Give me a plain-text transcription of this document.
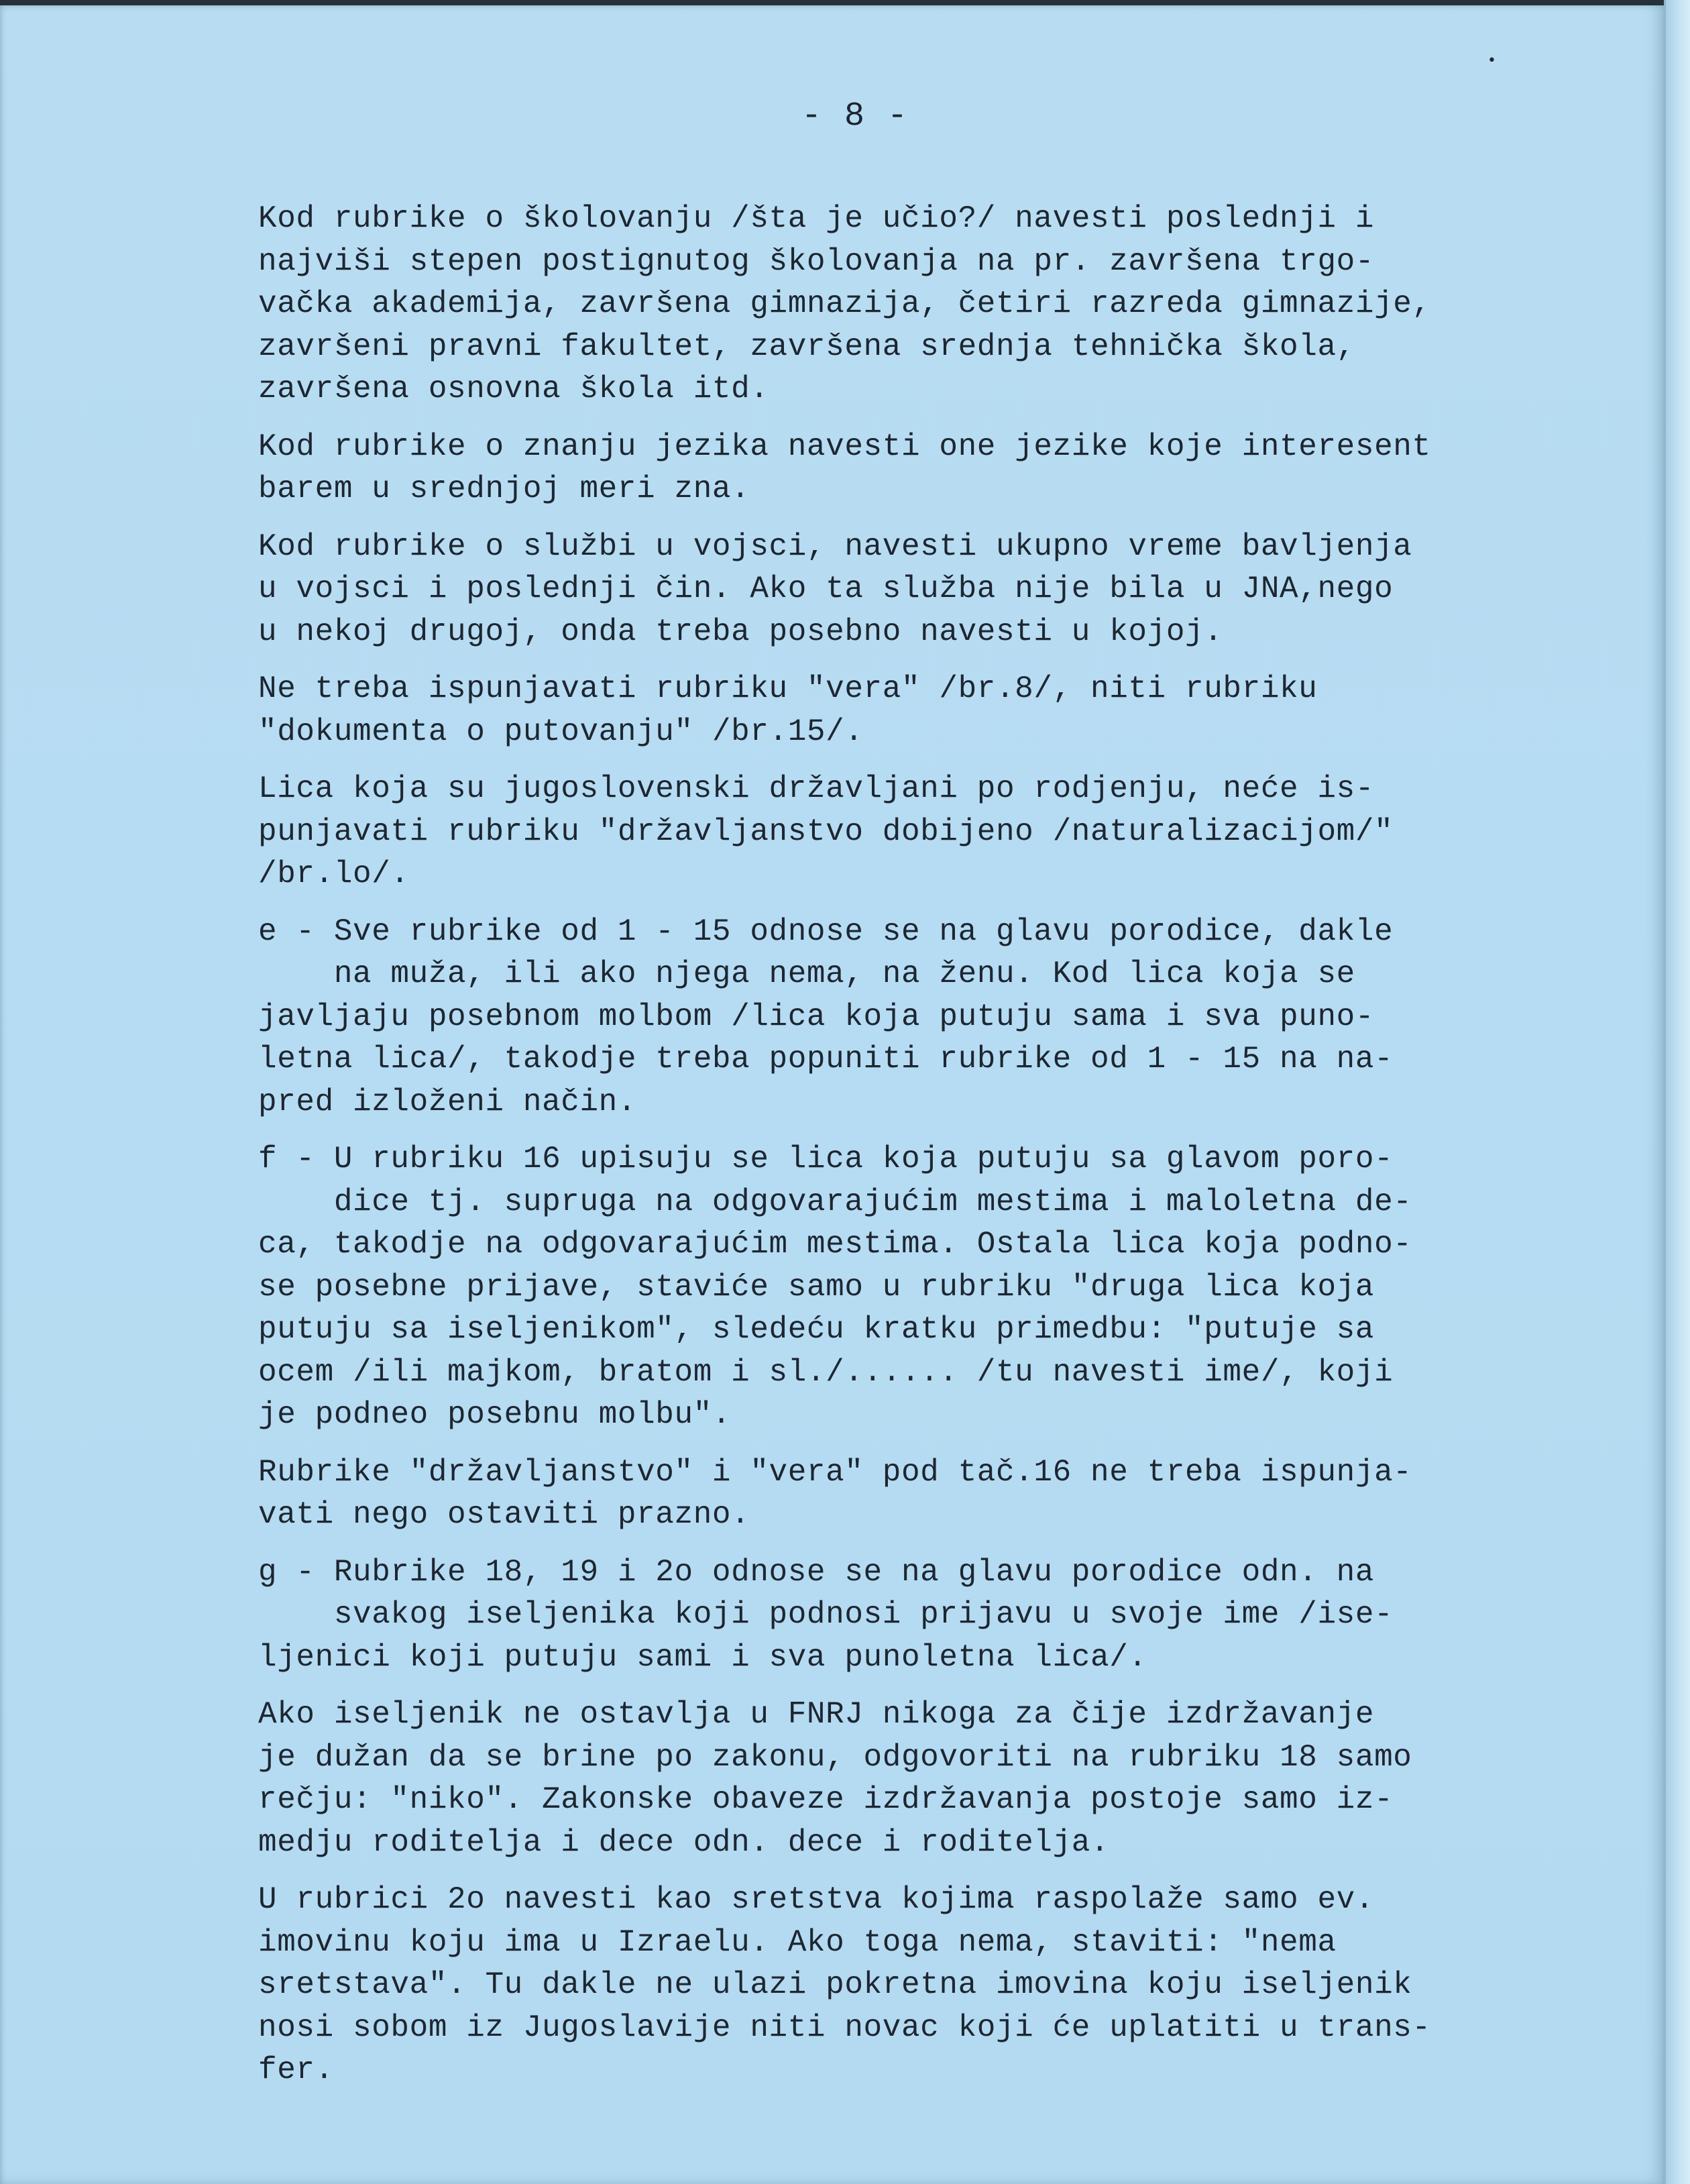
- 8 -
•
Kod rubrike o školovanju /šta je učio?/ navesti poslednji i
najviši stepen postignutog školovanja na pr. završena trgo-
vačka akademija, završena gimnazija, četiri razreda gimnazije,
završeni pravni fakultet, završena srednja tehnička škola,
završena osnovna škola itd.
Kod rubrike o znanju jezika navesti one jezike koje interesent
barem u srednjoj meri zna.
Kod rubrike o službi u vojsci, navesti ukupno vreme bavljenja
u vojsci i poslednji čin. Ako ta služba nije bila u JNA,nego
u nekoj drugoj, onda treba posebno navesti u kojoj.
Ne treba ispunjavati rubriku "vera" /br.8/, niti rubriku
"dokumenta o putovanju" /br.15/.
Lica koja su jugoslovenski državljani po rodjenju, neće is-
punjavati rubriku "državljanstvo dobijeno /naturalizacijom/"
/br.lo/.
e - Sve rubrike od 1 - 15 odnose se na glavu porodice, dakle
na muža, ili ako njega nema, na ženu. Kod lica koja se
javljaju posebnom molbom /lica koja putuju sama i sva puno-
letna lica/, takodje treba popuniti rubrike od 1 - 15 na na-
pred izloženi način.
f - U rubriku 16 upisuju se lica koja putuju sa glavom poro-
dice tj. supruga na odgovarajućim mestima i maloletna de-
ca, takodje na odgovarajućim mestima. Ostala lica koja podno-
se posebne prijave, staviće samo u rubriku "druga lica koja
putuju sa iseljenikom", sledeću kratku primedbu: "putuje sa
ocem /ili majkom, bratom i sl./...... /tu navesti ime/, koji
je podneo posebnu molbu".
Rubrike "državljanstvo" i "vera" pod tač.16 ne treba ispunja-
vati nego ostaviti prazno.
g - Rubrike 18, 19 i 2o odnose se na glavu porodice odn. na
svakog iseljenika koji podnosi prijavu u svoje ime /ise-
ljenici koji putuju sami i sva punoletna lica/.
Ako iseljenik ne ostavlja u FNRJ nikoga za čije izdržavanje
je dužan da se brine po zakonu, odgovoriti na rubriku 18 samo
rečju: "niko". Zakonske obaveze izdržavanja postoje samo iz-
medju roditelja i dece odn. dece i roditelja.
U rubrici 2o navesti kao sretstva kojima raspolaže samo ev.
imovinu koju ima u Izraelu. Ako toga nema, staviti: "nema
sretstava". Tu dakle ne ulazi pokretna imovina koju iseljenik
nosi sobom iz Jugoslavije niti novac koji će uplatiti u trans-
fer.
